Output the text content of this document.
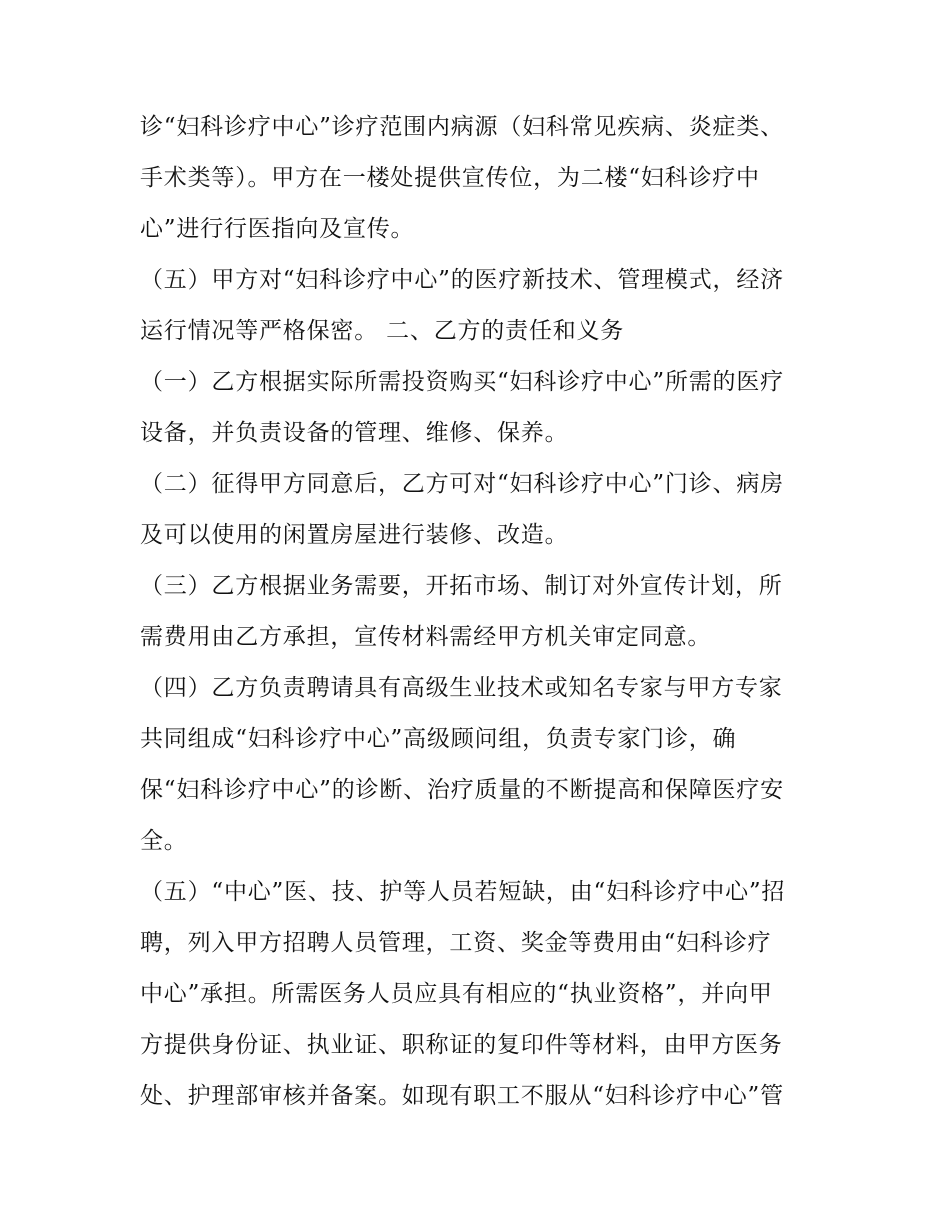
诊“妇科诊疗中心”诊疗范围内病源（妇科常见疾病、炎症类、
手术类等）。甲方在一楼处提供宣传位，为二楼“妇科诊疗中
心”进行行医指向及宣传。
（五）甲方对“妇科诊疗中心”的医疗新技术、管理模式，经济
运行情况等严格保密。 二、乙方的责任和义务
（一）乙方根据实际所需投资购买“妇科诊疗中心”所需的医疗
设备，并负责设备的管理、维修、保养。
（二）征得甲方同意后，乙方可对“妇科诊疗中心”门诊、病房
及可以使用的闲置房屋进行装修、改造。
（三）乙方根据业务需要，开拓市场、制订对外宣传计划，所
需费用由乙方承担，宣传材料需经甲方机关审定同意。
（四）乙方负责聘请具有高级生业技术或知名专家与甲方专家
共同组成“妇科诊疗中心”高级顾问组，负责专家门诊，确
保“妇科诊疗中心”的诊断、治疗质量的不断提高和保障医疗安
全。
（五）“中心”医、技、护等人员若短缺，由“妇科诊疗中心”招
聘，列入甲方招聘人员管理，工资、奖金等费用由“妇科诊疗
中心”承担。所需医务人员应具有相应的“执业资格”，并向甲
方提供身份证、执业证、职称证的复印件等材料，由甲方医务
处、护理部审核并备案。如现有职工不服从“妇科诊疗中心”管
